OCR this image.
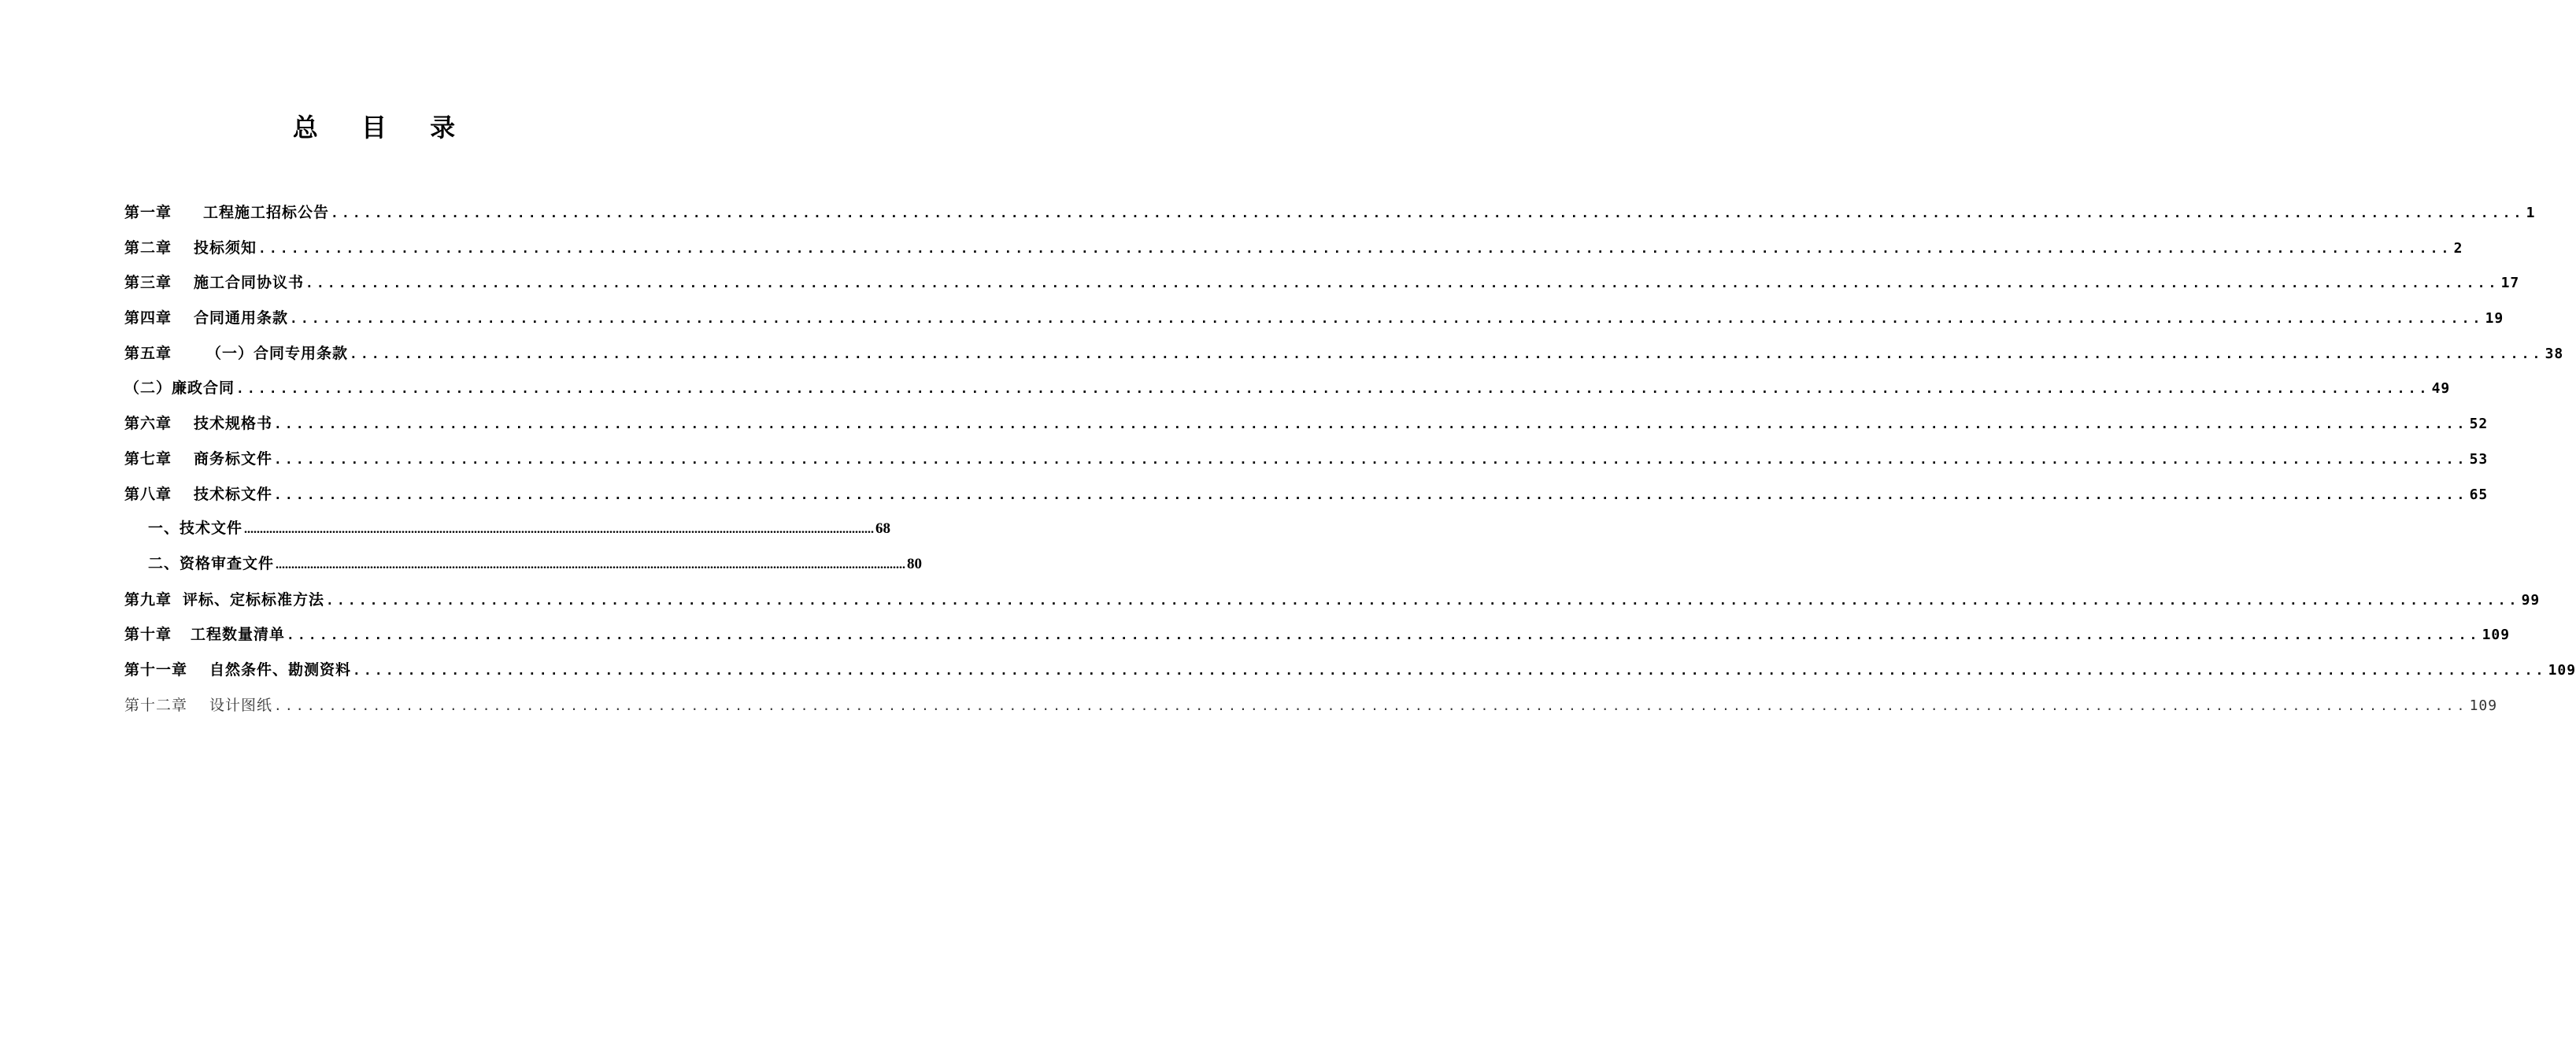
总 目 录
第一章 工程施工招标公告 ........................................................................................................................................................................................................ 1
第二章 投标须知 ........................................................................................................................................................................................................ 2
第三章 施工合同协议书 ........................................................................................................................................................................................................ 17
第四章 合同通用条款 ........................................................................................................................................................................................................ 19
第五章 （一）合同专用条款 ........................................................................................................................................................................................................ 38
（二）廉政合同 ........................................................................................................................................................................................................ 49
第六章 技术规格书 ........................................................................................................................................................................................................ 52
第七章 商务标文件 ........................................................................................................................................................................................................ 53
第八章 技术标文件 ........................................................................................................................................................................................................ 65
一、技术文件 ........................................................................................................................................................................................................ 68
二、资格审查文件 ........................................................................................................................................................................................................ 80
第九章 评标、定标标准方法 ........................................................................................................................................................................................................ 99
第十章 工程数量清单 ........................................................................................................................................................................................................ 109
第十一章 自然条件、勘测资料 ........................................................................................................................................................................................................ 109
第十二章 设计图纸 ........................................................................................................................................................................................................ 109
